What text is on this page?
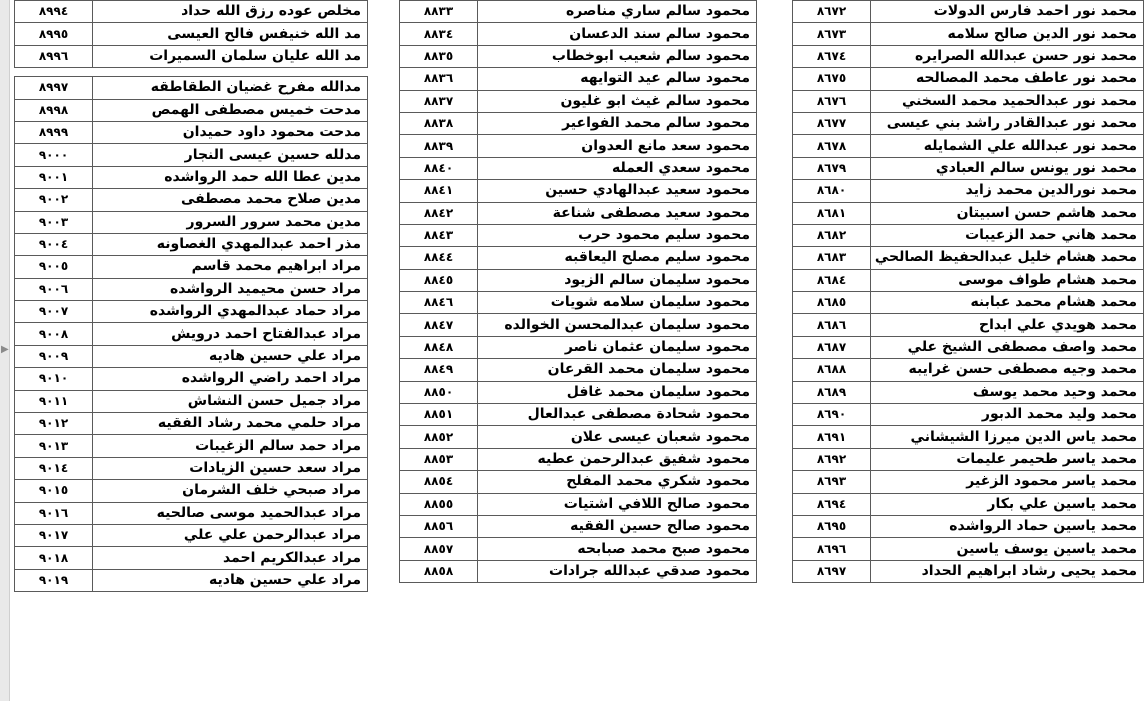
▶
٨٩٩٤	مخلص عوده رزق الله حداد
٨٩٩٥	مد الله خنيفس فالح العيسى
٨٩٩٦	مد الله عليان سلمان السميرات

٨٩٩٧	مدالله مفرح غضيان الطقاطقه
٨٩٩٨	مدحت خميس مصطفى الهمص
٨٩٩٩	مدحت محمود داود حميدان
٩٠٠٠	مدلله حسين عيسى النجار
٩٠٠١	مدين عطا الله حمد الرواشده
٩٠٠٢	مدين صلاح محمد مصطفى
٩٠٠٣	مدين محمد سرور السرور
٩٠٠٤	مذر احمد عبدالمهدي الغصاونه
٩٠٠٥	مراد ابراهيم محمد قاسم
٩٠٠٦	مراد حسن محيميد الرواشده
٩٠٠٧	مراد حماد عبدالمهدي الرواشده
٩٠٠٨	مراد عبدالفتاح احمد درويش
٩٠٠٩	مراد علي حسين هاديه
٩٠١٠	مراد احمد راضي الرواشده
٩٠١١	مراد جميل حسن النشاش
٩٠١٢	مراد حلمي محمد رشاد الفقيه
٩٠١٣	مراد حمد سالم الزغيبات
٩٠١٤	مراد سعد حسين الزيادات
٩٠١٥	مراد صبحي خلف الشرمان
٩٠١٦	مراد عبدالحميد موسى صالحيه
٩٠١٧	مراد عبدالرحمن علي علي
٩٠١٨	مراد عبدالكريم احمد
٩٠١٩	مراد علي حسين هاديه
٨٨٣٣	محمود سالم ساري مناصره
٨٨٣٤	محمود سالم سند الدعسان
٨٨٣٥	محمود سالم شعيب ابوخطاب
٨٨٣٦	محمود سالم عيد التوايهه
٨٨٣٧	محمود سالم غيث ابو غليون
٨٨٣٨	محمود سالم محمد الفواعير
٨٨٣٩	محمود سعد مانع العدوان
٨٨٤٠	محمود سعدي العمله
٨٨٤١	محمود سعيد عبدالهادي حسين
٨٨٤٢	محمود سعيد مصطفى شناعة
٨٨٤٣	محمود سليم محمود حرب
٨٨٤٤	محمود سليم مصلح اليعاقبه
٨٨٤٥	محمود سليمان سالم الزيود
٨٨٤٦	محمود سليمان سلامه شويات
٨٨٤٧	محمود سليمان عبدالمحسن الخوالده
٨٨٤٨	محمود سليمان عثمان ناصر
٨٨٤٩	محمود سليمان محمد القرعان
٨٨٥٠	محمود سليمان محمد غافل
٨٨٥١	محمود شحادة مصطفى عبدالعال
٨٨٥٢	محمود شعبان عيسى علان
٨٨٥٣	محمود شفيق عبدالرحمن عطيه
٨٨٥٤	محمود شكري محمد المفلح
٨٨٥٥	محمود صالح اللافي اشتيات
٨٨٥٦	محمود صالح حسين الفقيه
٨٨٥٧	محمود صبح محمد صبابحه
٨٨٥٨	محمود صدقي عبدالله جرادات
٨٦٧٢	محمد نور احمد فارس الدولات
٨٦٧٣	محمد نور الدين صالح سلامه
٨٦٧٤	محمد نور حسن عبدالله الصرايره
٨٦٧٥	محمد نور عاطف محمد المصالحه
٨٦٧٦	محمد نور عبدالحميد محمد السخني
٨٦٧٧	محمد نور عبدالقادر راشد بني عيسى
٨٦٧٨	محمد نور عبدالله علي الشمايله
٨٦٧٩	محمد نور يونس سالم العبادي
٨٦٨٠	محمد نورالدين محمد زايد
٨٦٨١	محمد هاشم حسن اسبيتان
٨٦٨٢	محمد هاني حمد الزعيبات
٨٦٨٣	محمد هشام خليل عبدالحفيظ الصالحي
٨٦٨٤	محمد هشام طواف موسى
٨٦٨٥	محمد هشام محمد عبابنه
٨٦٨٦	محمد هويدي علي ابداح
٨٦٨٧	محمد واصف مصطفى الشيخ علي
٨٦٨٨	محمد وجيه مصطفى حسن غرايبه
٨٦٨٩	محمد وحيد محمد يوسف
٨٦٩٠	محمد وليد محمد الدبور
٨٦٩١	محمد ياس الدين ميرزا الشيشاني
٨٦٩٢	محمد ياسر طحيمر عليمات
٨٦٩٣	محمد ياسر محمود الزغير
٨٦٩٤	محمد ياسين علي بكار
٨٦٩٥	محمد ياسين حماد الرواشده
٨٦٩٦	محمد ياسين يوسف ياسين
٨٦٩٧	محمد يحيى رشاد ابراهيم الحداد
